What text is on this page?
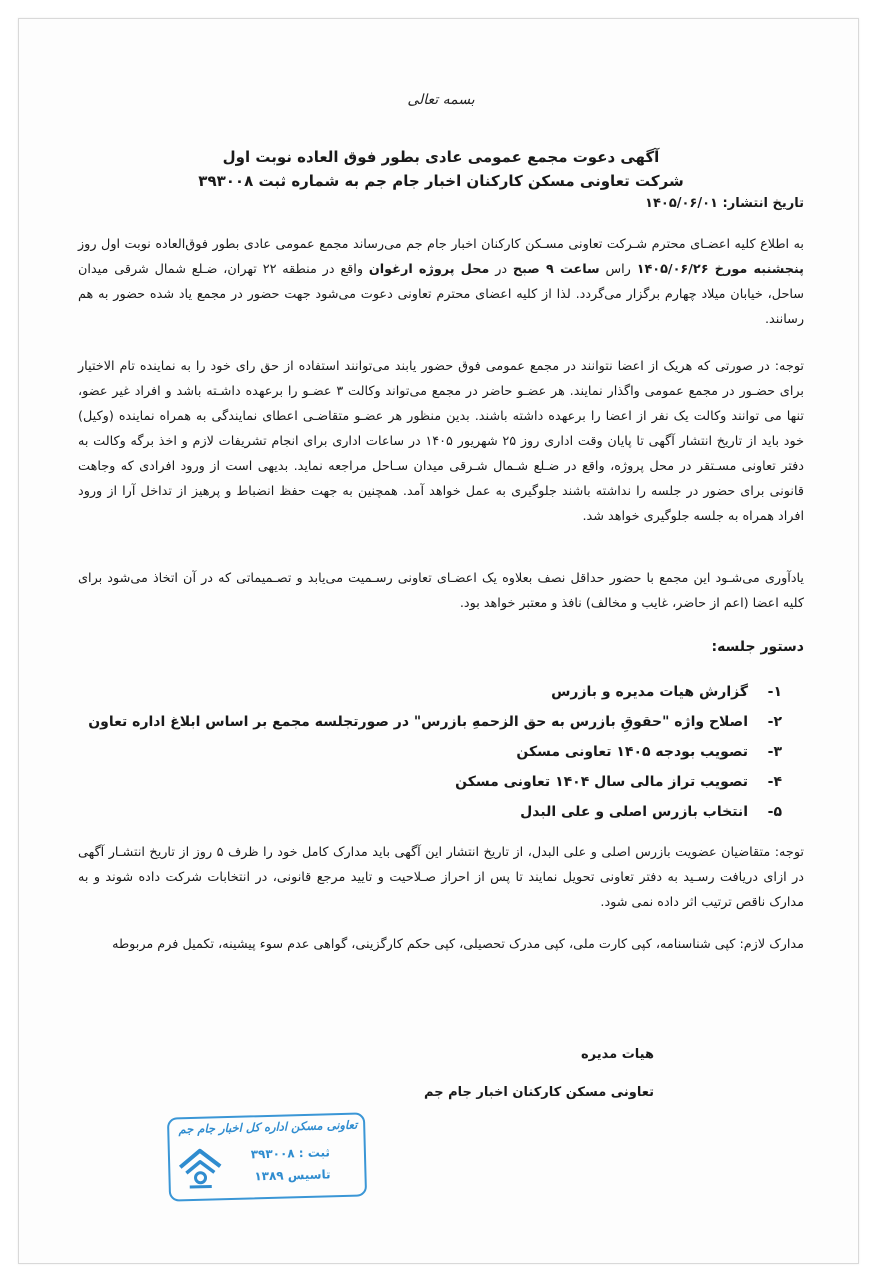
بسمه تعالی
آگهی دعوت مجمع عمومی عادی بطور فوق العاده نوبت اول
شرکت تعاونی مسکن کارکنان اخبار جام جم به شماره ثبت ۳۹۳۰۰۸
تاریخ انتشار: ۱۴۰۵/۰۶/۰۱
به اطلاع کلیه اعضـای محترم شـرکت تعاونی مسـکن کارکنان اخبار جام جم می‌رساند مجمع عمومی عادی بطور فوق‌العاده نوبت اول روز پنجشنبه مورخ ۱۴۰۵/۰۶/۲۶ راس ساعت ۹ صبح در محل پروژه ارغوان واقع در منطقه ۲۲ تهران، ضـلع شمال شرقی میدان ساحل، خیابان میلاد چهارم برگزار می‌گردد. لذا از کلیه اعضای محترم تعاونی دعوت می‌شود جهت حضور در مجمع یاد شده حضور به هم رسانند.
توجه: در صورتی که هریک از اعضا نتوانند در مجمع عمومی فوق حضور یابند می‌توانند استفاده از حق رای خود را به نماینده تام الاختیار برای حضـور در مجمع عمومی واگذار نمایند. هر عضـو حاضر در مجمع می‌تواند وکالت ۳ عضـو را برعهده داشـته باشد و افراد غیر عضو، تنها می توانند وکالت یک نفر از اعضا را برعهده داشته باشند. بدین منظور هر عضـو متقاضـی اعطای نمایندگی به همراه نماینده (وکیل) خود باید از تاریخ انتشار آگهی تا پایان وقت اداری روز ۲۵ شهریور ۱۴۰۵ در ساعات اداری برای انجام تشریفات لازم و اخذ برگه وکالت به دفتر تعاونی مسـتقر در محل پروژه، واقع در ضـلع شـمال شـرقی میدان سـاحل مراجعه نماید. بدیهی است از ورود افرادی که وجاهت قانونی برای حضور در جلسه را نداشته باشند جلوگیری به عمل خواهد آمد. همچنین به جهت حفظ انضباط و پرهیز از تداخل آرا از ورود افراد همراه به جلسه جلوگیری خواهد شد.
یادآوری می‌شـود این مجمع با حضور حداقل نصف بعلاوه یک اعضـای تعاونی رسـمیت می‌یابد و تصـمیماتی که در آن اتخاذ می‌شود برای کلیه اعضا (اعم از حاضر، غایب و مخالف) نافذ و معتبر خواهد بود.
دستور جلسه:
۱-گزارش هیات مدیره و بازرس
۲-اصلاح واژه "حقوقِ بازرس به حق الزحمهِ بازرس" در صورتجلسه مجمع بر اساس ابلاغ اداره تعاون
۳-تصویب بودجه ۱۴۰۵ تعاونی مسکن
۴-تصویب تراز مالی سال ۱۴۰۴ تعاونی مسکن
۵-انتخاب بازرس اصلی و علی البدل
توجه: متقاضیان عضویت بازرس اصلی و علی البدل، از تاریخ انتشار این آگهی باید مدارک کامل خود را ظرف ۵ روز از تاریخ انتشـار آگهی در ازای دریافت رسـید به دفتر تعاونی تحویل نمایند تا پس از احراز صـلاحیت و تایید مرجع قانونی، در انتخابات شرکت داده شوند و به مدارک ناقص ترتیب اثر داده نمی شود.
مدارک لازم: کپی شناسنامه، کپی کارت ملی، کپی مدرک تحصیلی، کپی حکم کارگزینی، گواهی عدم سوء پیشینه، تکمیل فرم مربوطه
هیات مدیره
تعاونی مسکن کارکنان اخبار جام جم
تعاونی مسکن اداره کل اخبار جام جم
ثبت : ۳۹۳۰۰۸
تاسیس ۱۳۸۹
